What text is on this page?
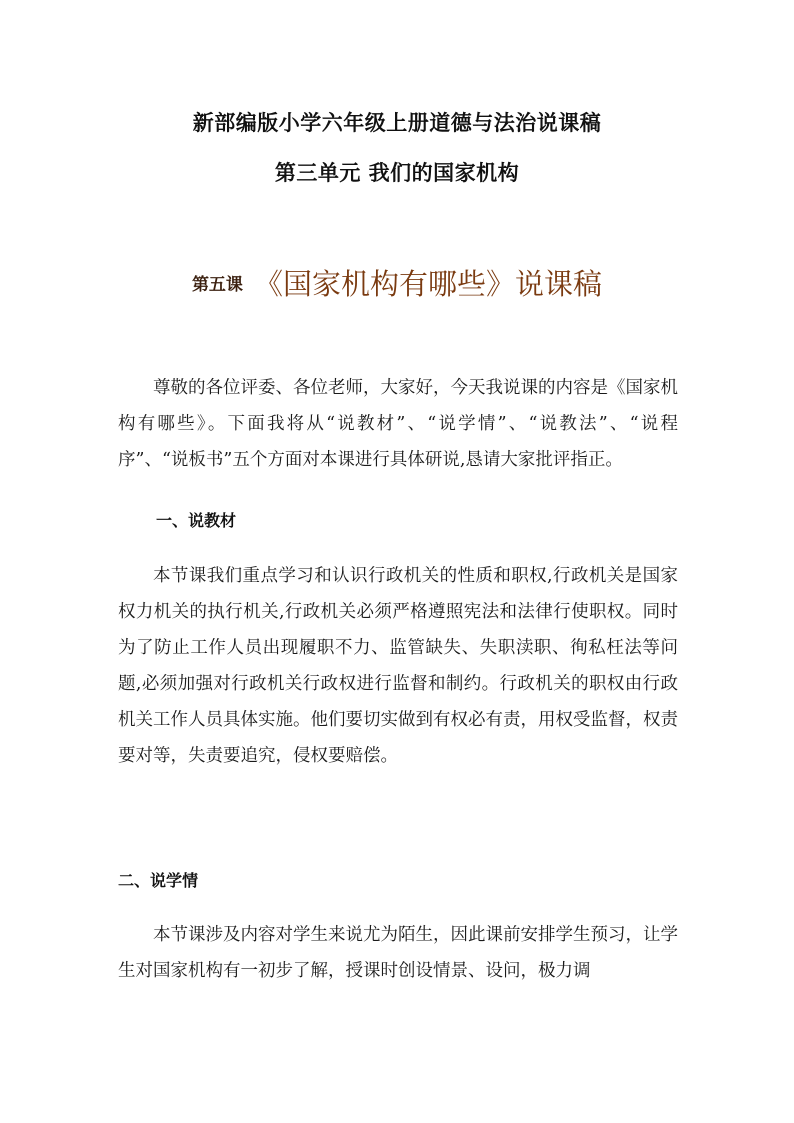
新部编版小学六年级上册道德与法治说课稿
第三单元 我们的国家机构
第五课 《国家机构有哪些》说课稿

尊敬的各位评委、各位老师，大家好，今天我说课的内容是《国家机构有哪些》。下面我将从“说教材”、“说学情”、“说教法”、“说程序”、“说板书”五个方面对本课进行具体研说,恳请大家批评指正。

一、说教材

本节课我们重点学习和认识行政机关的性质和职权,行政机关是国家权力机关的执行机关,行政机关必须严格遵照宪法和法律行使职权。同时为了防止工作人员出现履职不力、监管缺失、失职渎职、徇私枉法等问题,必须加强对行政机关行政权进行监督和制约。行政机关的职权由行政机关工作人员具体实施。他们要切实做到有权必有责，用权受监督，权责要对等，失责要追究，侵权要赔偿。

二、说学情

本节课涉及内容对学生来说尤为陌生，因此课前安排学生预习，让学生对国家机构有一初步了解，授课时创设情景、设问，极力调
